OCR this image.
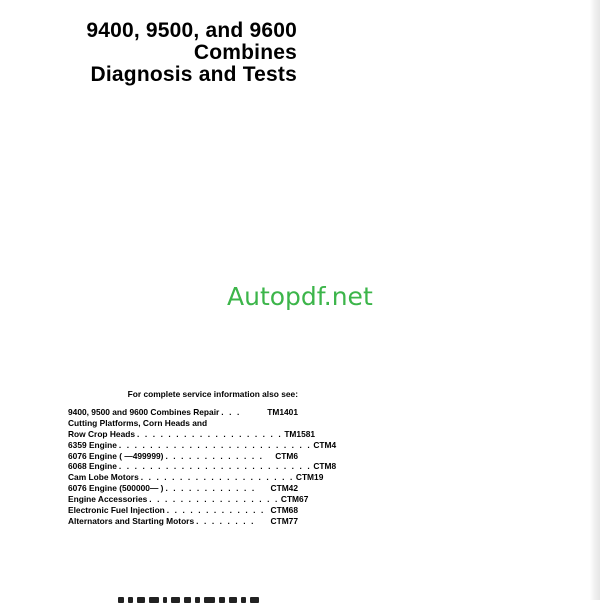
9400, 9500, and 9600
Combines
Diagnosis and Tests
Autopdf.net
For complete service information also see:
9400, 9500 and 9600 Combines Repair . . .	TM1401
Cutting Platforms, Corn Heads and
Row Crop Heads . . . . . . . . . . . . . . . . . . . TM1581
6359 Engine . . . . . . . . . . . . . . . . . . . . . . . . . CTM4
6076 Engine ( —499999) . . . . . . . . . . . . .	CTM6
6068 Engine . . . . . . . . . . . . . . . . . . . . . . . . . CTM8
Cam Lobe Motors . . . . . . . . . . . . . . . . . . . . CTM19
6076 Engine (500000— ) . . . . . . . . . . . .	CTM42
Engine Accessories . . . . . . . . . . . . . . . . . CTM67
Electronic Fuel Injection . . . . . . . . . . . . . CTM68
Alternators and Starting Motors . . . . . . . .	CTM77
